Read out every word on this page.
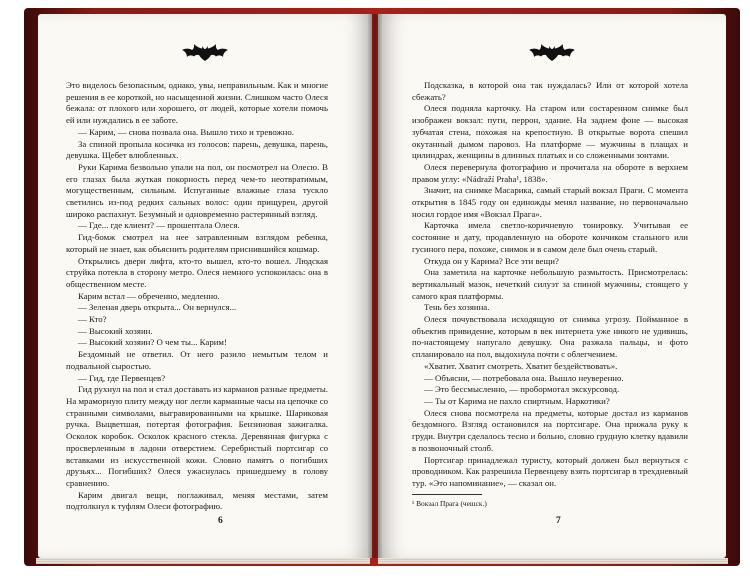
Это виделось безопасным, однако, увы, неправильным. Как и многие решения в ее короткой, но насыщенной жизни. Слишком часто Олеся бежала: от плохого или хорошего, от людей, которые хотели помочь ей или нуждались в ее заботе.

— Карим, — снова позвала она. Вышло тихо и тревожно.

За спиной пропыла косичка из голосов: парень, девушка, парень, девушка. Щебет влюбленных.

Руки Карима безвольно упали на пол, он посмотрел на Олесю. В его глазах была жуткая покорность перед чем-то неотвратимым, могущественным, сильным. Испуганные влажные глаза тускло светились из-под редких сальных волос: один прищурен, другой широко распахнут. Безумный и одновременно растерянный взгляд.

— Где... где клиент? — прошептала Олеся.

Гид-бомж смотрел на нее затравленным взглядом ребенка, который не знает, как объяснить родителям приснившийся кошмар.

Открылись двери лифта, кто-то вышел, кто-то вошел. Людская струйка потекла в сторону метро. Олеся немного успокоилась: она в общественном месте.

Карим встал — обреченно, медленно.

— Зеленая дверь открыта... Он вернулся...

— Кто?

— Высокий хозяин.

— Высокий хозяин? О чем ты... Карим!

Бездомный не ответил. От него разило немытым телом и подвальной сыростью.

— Гид, где Первенцев?

Гид рухнул на пол и стал доставать из карманов разные предметы. На мраморную плиту между ног легли карманные часы на цепочке со странными символами, выгравированными на крышке. Шариковая ручка. Выцветшая, потертая фотография. Бензиновая зажигалка. Осколок коробок. Осколок красного стекла. Деревянная фигурка с просверленным в ладони отверстием. Серебристый портсигар со вставками из искусственной кожи. Словно памятъ о погибших друзьях... Погибших? Олеся ужаснулась пришедшему в голову сравнению.

Карим двигал вещи, поглаживал, меняя местами, затем подтолкнул к туфлям Олеси фотографию.

6

Подсказка, в которой она так нуждалась? Или от которой хотела сбежать?

Олеся подняла карточку. На старом или состаренном снимке был изображен вокзал: пути, перрон, здание. На заднем фоне — высокая зубчатая стена, похожая на крепостную. В открытые ворота спешил окутанный дымом паровоз. На платформе — мужчины в плащах и цилиндрах, женщины в длинных платьях и со сложенными зонтами.

Олеся перевернула фотографию и прочитала на обороте в верхнем правом углу: «Nádraží Praha¹, 1838».

Значит, на снимке Масарика, самый старый вокзал Праги. С момента открытия в 1845 году он единожды менял название, но первоначально носил гордое имя «Вокзал Прага».

Карточка имела светло-коричневую тонировку. Учитывая ее состояние и дату, продавленную на обороте кончиком стального или гусиного пера, похоже, снимок и в самом деле был очень старый.

Откуда он у Карима? Все эти вещи?

Она заметила на карточке небольшую размытость. Присмотрелась: вертикальный мазок, нечеткий силуэт за спиной мужчины, стоящего у самого края платформы.

Тень без хозяина.

Олеся почувствовала исходящую от снимка угрозу. Пойманное в объектив привидение, которым в век интернета уже никого не удивишь, по-настоящему напугало девушку. Она разжала пальцы, и фото спланировало на пол, выдохнула почти с облегчением.

«Хватит. Хватит смотреть. Хватит бездействовать».

— Объясни, — потребовала она. Вышло неуверенно.

— Это бессмысленно, — пробормотал экскурсовод.

— Ты от Карима не пахло спиртным. Наркотики?

Олеся снова посмотрела на предметы, которые достал из карманов бездомного. Взгляд остановился на портсигаре. Она прижала руку к груди. Внутри сделалось тесно и больно, словно грудную клетку вдавили в позвоночный столб.

Портсигар принадлежал туристу, который должен был вернуться с проводником. Как разрешила Первенцеву взять портсигар в трехдневный тур. «Это напоминание», — сказал он.

¹ Вокзал Прага (чешск.)
7
